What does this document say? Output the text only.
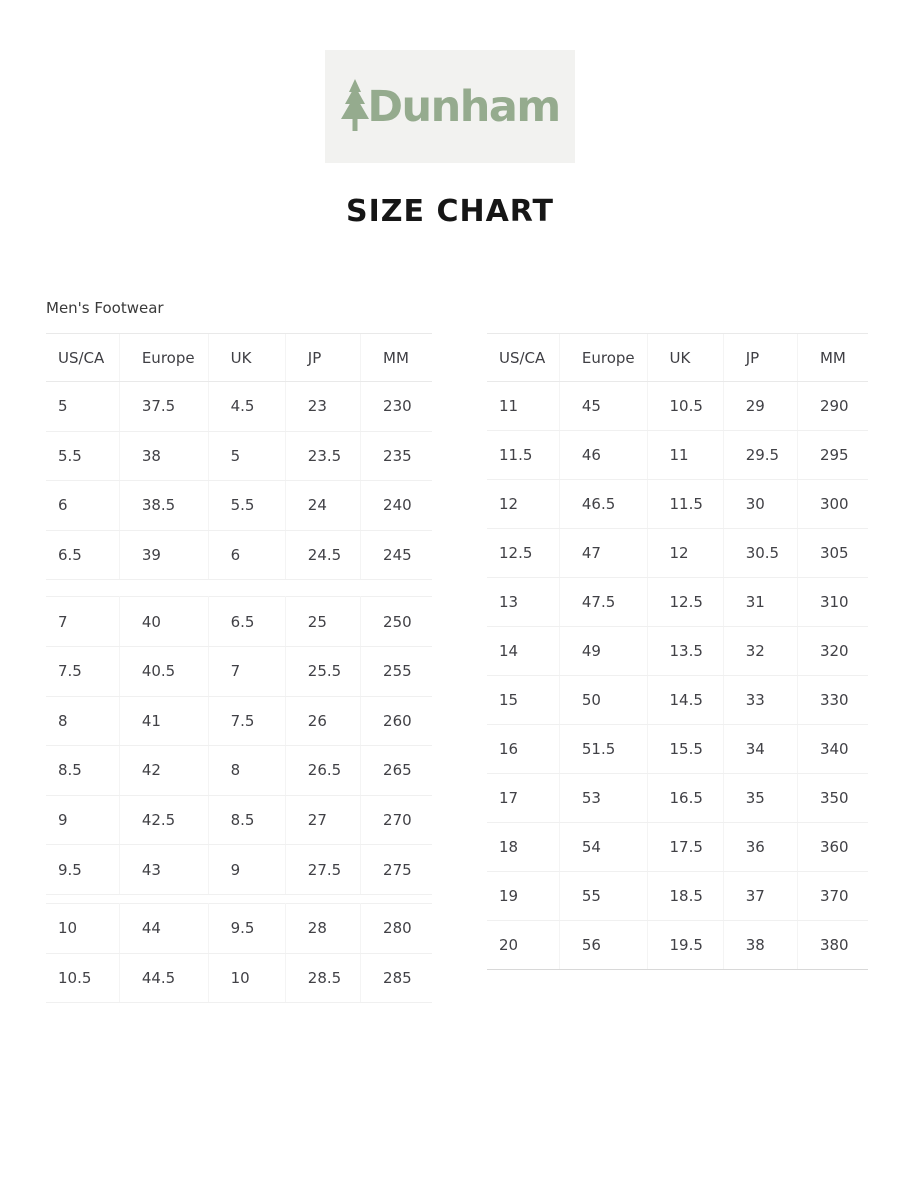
Dunham
SIZE CHART
Men's Footwear
US/CA	Europe	UK	JP	MM
5	37.5	4.5	23	230
5.5	38	5	23.5	235
6	38.5	5.5	24	240
6.5	39	6	24.5	245
7	40	6.5	25	250
7.5	40.5	7	25.5	255
8	41	7.5	26	260
8.5	42	8	26.5	265
9	42.5	8.5	27	270
9.5	43	9	27.5	275
10	44	9.5	28	280
10.5	44.5	10	28.5	285
US/CA	Europe	UK	JP	MM
11	45	10.5	29	290
11.5	46	11	29.5	295
12	46.5	11.5	30	300
12.5	47	12	30.5	305
13	47.5	12.5	31	310
14	49	13.5	32	320
15	50	14.5	33	330
16	51.5	15.5	34	340
17	53	16.5	35	350
18	54	17.5	36	360
19	55	18.5	37	370
20	56	19.5	38	380
